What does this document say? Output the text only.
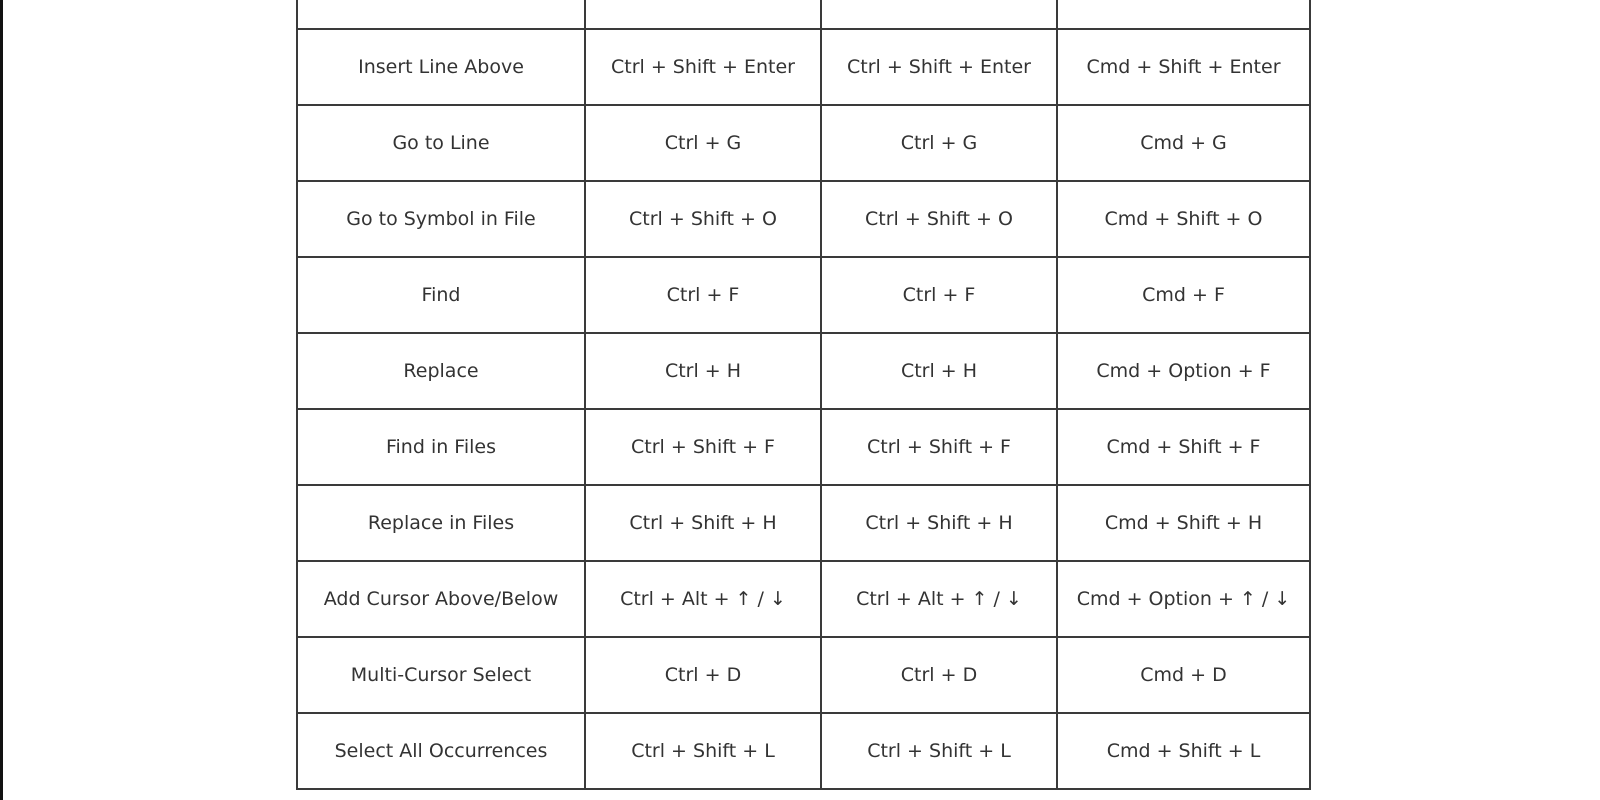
Insert Line Above	Ctrl + Shift + Enter	Ctrl + Shift + Enter	Cmd + Shift + Enter
Go to Line	Ctrl + G	Ctrl + G	Cmd + G
Go to Symbol in File	Ctrl + Shift + O	Ctrl + Shift + O	Cmd + Shift + O
Find	Ctrl + F	Ctrl + F	Cmd + F
Replace	Ctrl + H	Ctrl + H	Cmd + Option + F
Find in Files	Ctrl + Shift + F	Ctrl + Shift + F	Cmd + Shift + F
Replace in Files	Ctrl + Shift + H	Ctrl + Shift + H	Cmd + Shift + H
Add Cursor Above/Below	Ctrl + Alt + ↑ / ↓	Ctrl + Alt + ↑ / ↓	Cmd + Option + ↑ / ↓
Multi-Cursor Select	Ctrl + D	Ctrl + D	Cmd + D
Select All Occurrences	Ctrl + Shift + L	Ctrl + Shift + L	Cmd + Shift + L
